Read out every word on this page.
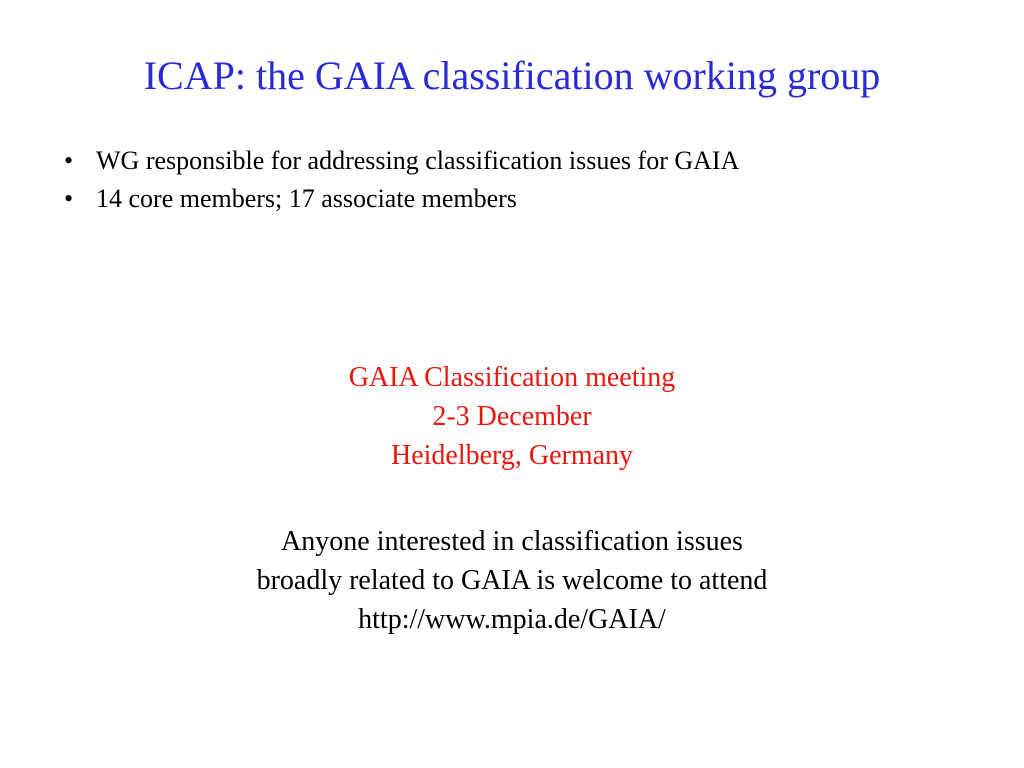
ICAP: the GAIA classification working group
• WG responsible for addressing classification issues for GAIA
• 14 core members; 17 associate members
GAIA Classification meeting
2-3 December
Heidelberg, Germany
Anyone interested in classification issues
broadly related to GAIA is welcome to attend
http://www.mpia.de/GAIA/
